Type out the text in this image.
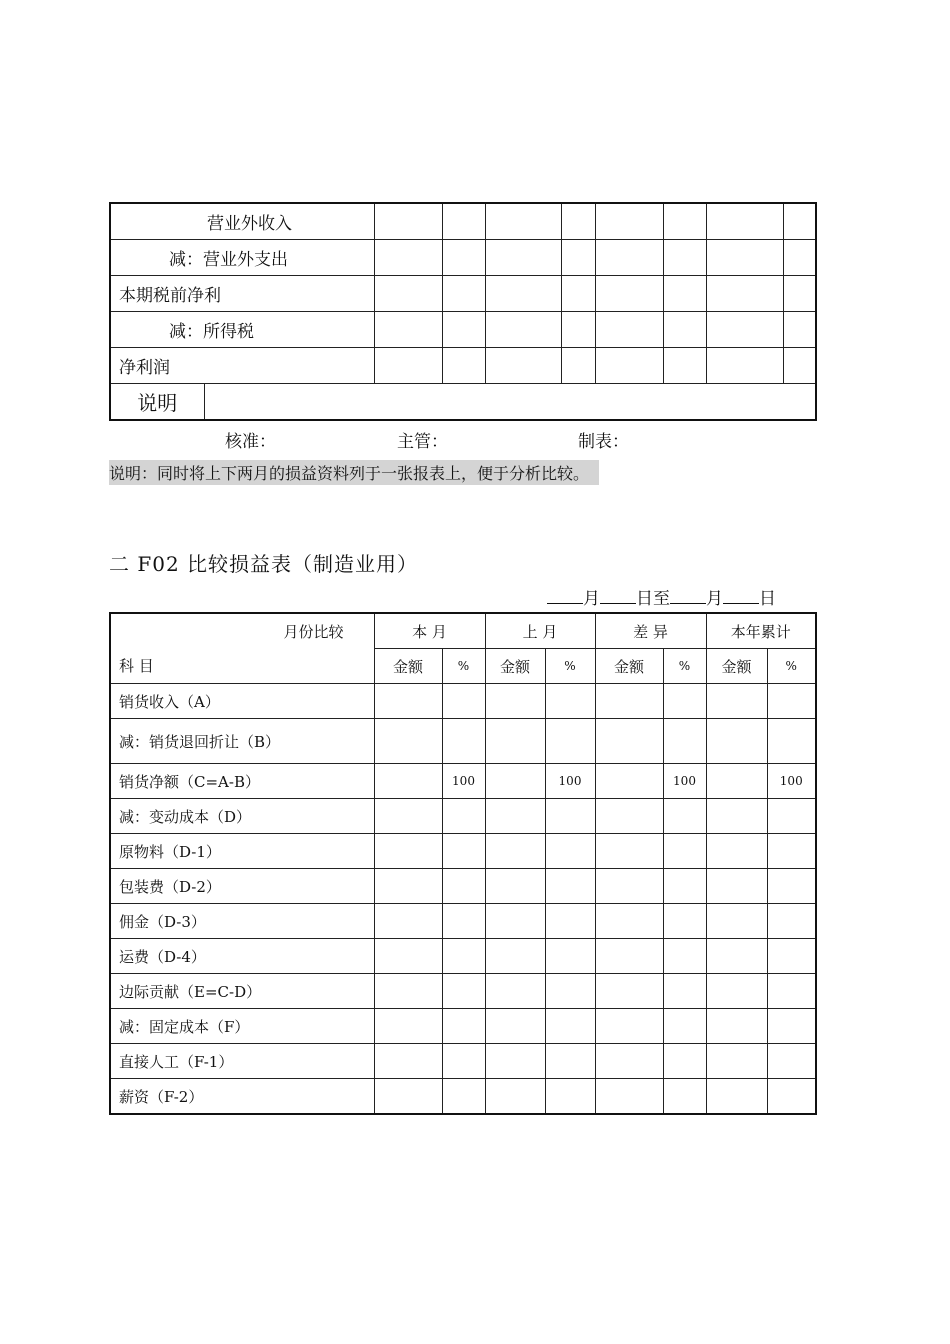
营业外收入									
减：营业外支出									
本期税前净利									
减：所得税									
净利润									
说明									
核准：	主管：	制表：
说明：同时将上下两月的损益资料列于一张报表上，便于分析比较。
二 F02 比较损益表（制造业用）
月 日至 月 日
月份比较	本 月		上 月		差 异		本年累计	
科 目	金额	%	金额	%	金额	%	金额	%
销货收入（A）								
减：销货退回折让（B）								
销货净额（C=A-B）		100		100		100		100
减：变动成本（D）								
原物料（D-1）								
包装费（D-2）								
佣金（D-3）								
运费（D-4）								
边际贡献（E=C-D）								
减：固定成本（F）								
直接人工（F-1）								
薪资（F-2）								
